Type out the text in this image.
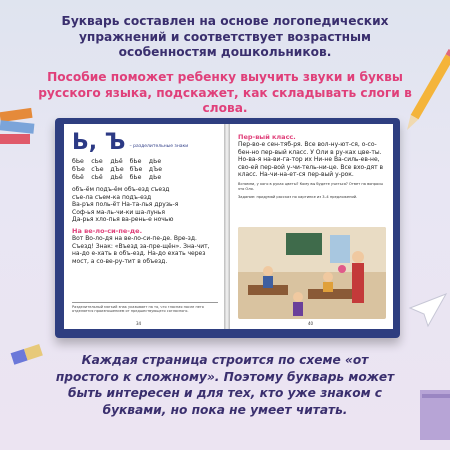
Букварь составлен на основе логопедических упражнений и соответствует возрастным особенностям дошкольников.

Пособие поможет ребенку выучить звуки и буквы русского языка, подскажет, как складывать слоги в слова.

Ь, Ъ – разделительные знаки
бЬе	сЬе	дЬё	бЬе	дЬе
бЪе	сЪе	дЪе бЪе	дЪе
бЬё	сЬё	дЬё	бЬе	дЬе
объ-ём подъ-ём объ-езд съезд
съе-ла съем-ка подъ-езд
Ва-ръя поль-ёт На-та-лья друзь-я
Соф-ья ма-ль-чи-ки ша-лунья
Да-рья хло-пья ва-рень-е ночью
На ве-ло-си-пе-де.
Вот Во-ло-дя на ве-ло-си-пе-де. Вре-зд. Съезд! Знак: «Въезд за-пре-щён». Зна-чит, на-до е-хать в объ-езд. На-до ехать через мост, а со-ве-ру-тит в объезд.
Разделительный мягкий знак указывает на то, что гласная после него отделяется произношением от предшествующего согласного.
34
Пер-вый класс.
Пер-во-е сен-тяб-ря. Все вол-ну-ют-ся, о-со-бен-но пер-вый класс. У Оли в ру-ках цве-ты. Но-ва-я на-ви-га-тор их Ни-не Ва-силь-ев-не, сво-ей пер-вой у-чи-тель-ни-це. Все вхо-дят в класс. На-чи-на-ет-ся пер-вый у-рок.
Вспомни, у кого в руках цветы? Кому вы будете учиться? Ответ на вопросы это Оля.
Задание: придумай рассказ по картинке из 3–4 предложений.
40

Каждая страница строится по схеме «от простого к сложному». Поэтому букварь может быть интересен и для тех, кто уже знаком с буквами, но пока не умеет читать.
